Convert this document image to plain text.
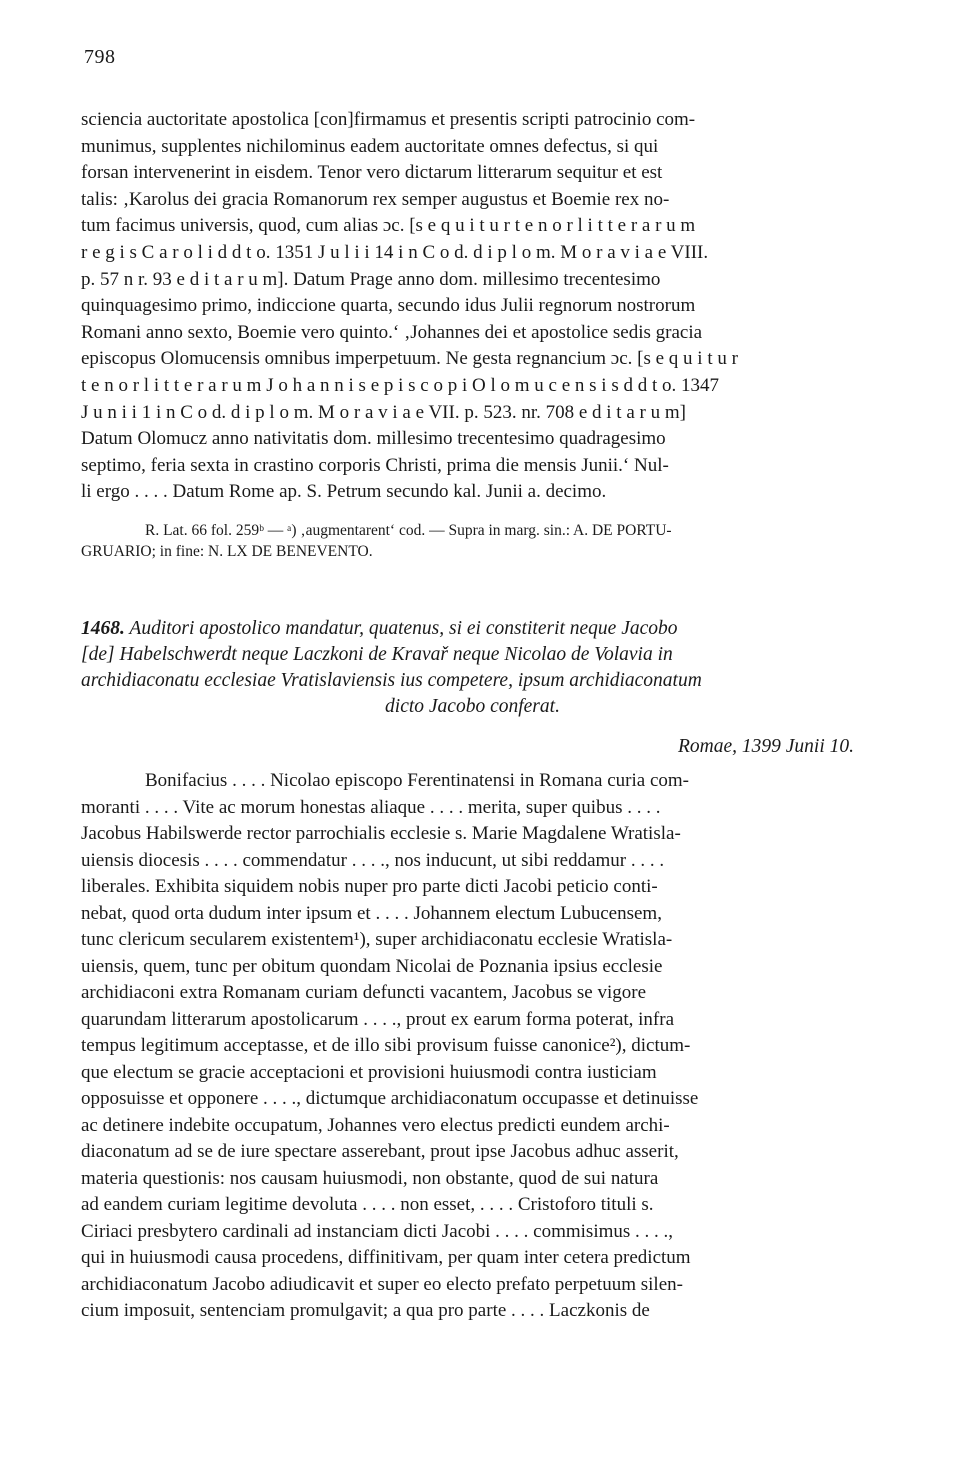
798
sciencia auctoritate apostolica [con]firmamus et presentis scripti patrocinio com-
munimus, supplentes nichilominus eadem auctoritate omnes defectus, si qui
forsan intervenerint in eisdem. Tenor vero dictarum litterarum sequitur et est
talis: ‚Karolus dei gracia Romanorum rex semper augustus et Boemie rex no-
tum facimus universis, quod, cum alias ɔc. [s e q u i t u r t e n o r l i t t e r a r u m
r e g i s C a r o l i d d t o. 1351 J u l i i 14 i n C o d. d i p l o m. M o r a v i a e VIII.
p. 57 n r. 93 e d i t a r u m]. Datum Prage anno dom. millesimo trecentesimo
quinquagesimo primo, indiccione quarta, secundo idus Julii regnorum nostrorum
Romani anno sexto, Boemie vero quinto.‘ ‚Johannes dei et apostolice sedis gracia
episcopus Olomucensis omnibus imperpetuum. Ne gesta regnancium ɔc. [s e q u i t u r
t e n o r l i t t e r a r u m J o h a n n i s e p i s c o p i O l o m u c e n s i s d d t o. 1347
J u n i i 1 i n C o d. d i p l o m. M o r a v i a e VII. p. 523. nr. 708 e d i t a r u m]
Datum Olomucz anno nativitatis dom. millesimo trecentesimo quadragesimo
septimo, feria sexta in crastino corporis Christi, prima die mensis Junii.‘ Nul-
li ergo . . . . Datum Rome ap. S. Petrum secundo kal. Junii a. decimo.
R. Lat. 66 fol. 259ᵇ — ᵃ) ‚augmentarent‘ cod. — Supra in marg. sin.: A. DE PORTU-
GRUARIO; in fine: N. LX DE BENEVENTO.
1468. Auditori apostolico mandatur, quatenus, si ei constiterit neque Jacobo
[de] Habelschwerdt neque Laczkoni de Kravař neque Nicolao de Volavia in
archidiaconatu ecclesiae Vratislaviensis ius competere, ipsum archidiaconatum
dicto Jacobo conferat.
Romae, 1399 Junii 10.
Bonifacius . . . . Nicolao episcopo Ferentinatensi in Romana curia com-
moranti . . . . Vite ac morum honestas aliaque . . . . merita, super quibus . . . .
Jacobus Habilswerde rector parrochialis ecclesie s. Marie Magdalene Wratisla-
uiensis diocesis . . . . commendatur . . . ., nos inducunt, ut sibi reddamur . . . .
liberales. Exhibita siquidem nobis nuper pro parte dicti Jacobi peticio conti-
nebat, quod orta dudum inter ipsum et . . . . Johannem electum Lubucensem,
tunc clericum secularem existentem¹), super archidiaconatu ecclesie Wratisla-
uiensis, quem, tunc per obitum quondam Nicolai de Poznania ipsius ecclesie
archidiaconi extra Romanam curiam defuncti vacantem, Jacobus se vigore
quarundam litterarum apostolicarum . . . ., prout ex earum forma poterat, infra
tempus legitimum acceptasse, et de illo sibi provisum fuisse canonice²), dictum-
que electum se gracie acceptacioni et provisioni huiusmodi contra iusticiam
opposuisse et opponere . . . ., dictumque archidiaconatum occupasse et detinuisse
ac detinere indebite occupatum, Johannes vero electus predicti eundem archi-
diaconatum ad se de iure spectare asserebant, prout ipse Jacobus adhuc asserit,
materia questionis: nos causam huiusmodi, non obstante, quod de sui natura
ad eandem curiam legitime devoluta . . . . non esset, . . . . Cristoforo tituli s.
Ciriaci presbytero cardinali ad instanciam dicti Jacobi . . . . commisimus . . . .,
qui in huiusmodi causa procedens, diffinitivam, per quam inter cetera predictum
archidiaconatum Jacobo adiudicavit et super eo electo prefato perpetuum silen-
cium imposuit, sentenciam promulgavit; a qua pro parte . . . . Laczkonis de
